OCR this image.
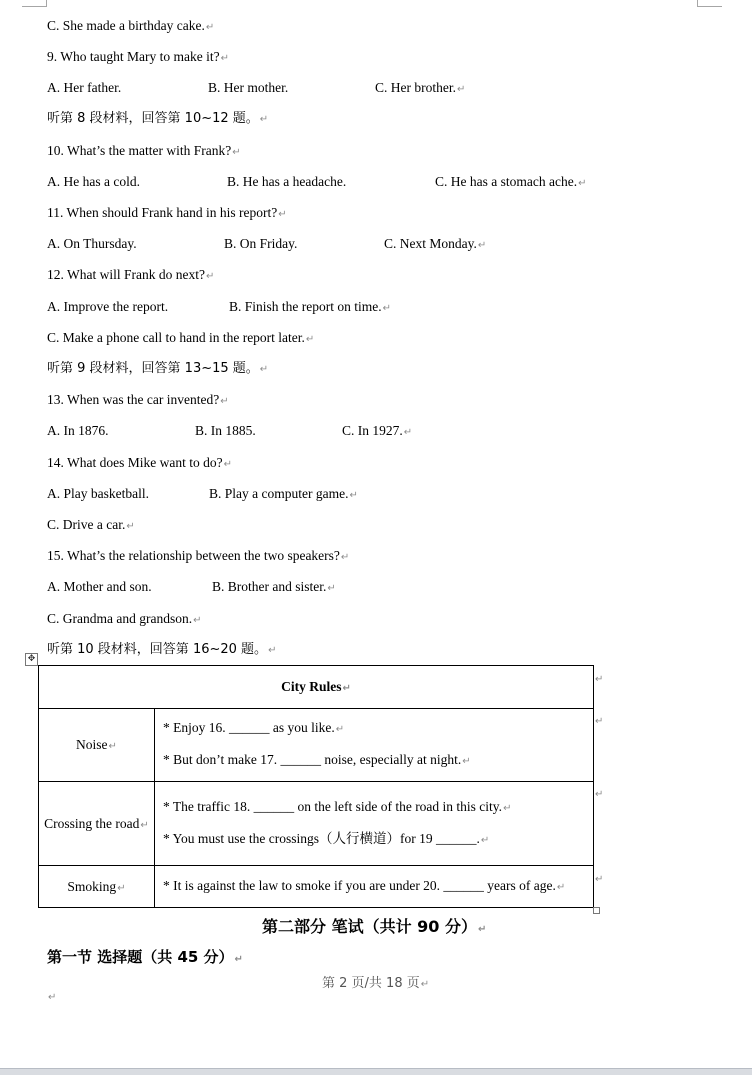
C. She made a birthday cake.↵
9. Who taught Mary to make it?↵
A. Her father.	B. Her mother.	C. Her brother.↵
听第 8 段材料，回答第 10~12 题。↵
10. What’s the matter with Frank?↵
A. He has a cold.	B. He has a headache.	C. He has a stomach ache.↵
11. When should Frank hand in his report?↵
A. On Thursday.	B. On Friday.	C. Next Monday.↵
12. What will Frank do next?↵
A. Improve the report.	B. Finish the report on time.↵
C. Make a phone call to hand in the report later.↵
听第 9 段材料，回答第 13~15 题。↵
13. When was the car invented?↵
A. In 1876.	B. In 1885.	C. In 1927.↵
14. What does Mike want to do?↵
A. Play basketball.	B. Play a computer game.↵
C. Drive a car.↵
15. What’s the relationship between the two speakers?↵
A. Mother and son.	B. Brother and sister.↵
C. Grandma and grandson.↵
听第 10 段材料，回答第 16~20 题。↵
✥
City Rules↵	
Noise↵	* Enjoy 16. ______ as you like.↵
* But don’t make 17. ______ noise, especially at night.↵

Crossing the road↵	* The traffic 18. ______ on the left side of the road in this city.↵
* You must use the crossings（人行横道）for 19 ______.↵

Smoking↵	* It is against the law to smoke if you are under 20. ______ years of age.↵
↵
↵
↵
↵
第二部分 笔试（共计 90 分）↵
第一节 选择题（共 45 分）↵
第 2 页/共 18 页↵
↵
